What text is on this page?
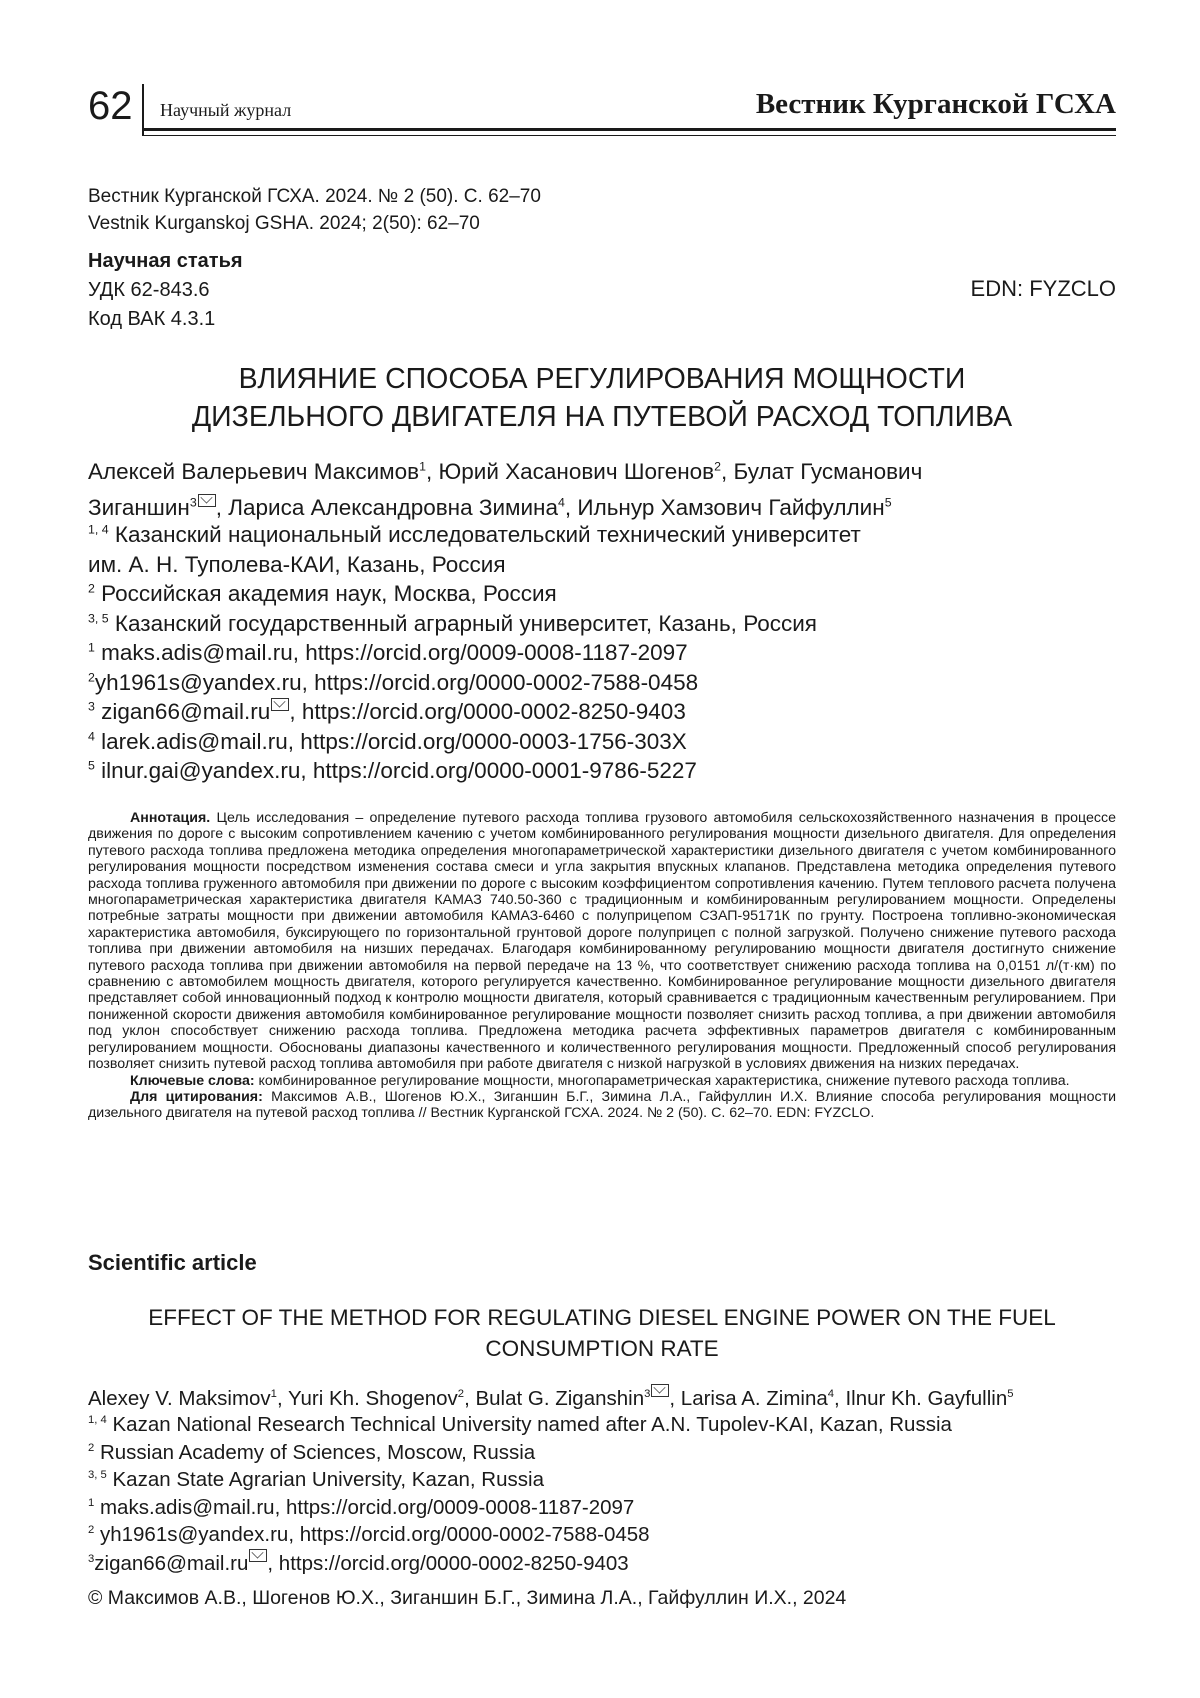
62 Научный журнал	Вестник Курганской ГСХА
Вестник Курганской ГСХА. 2024. № 2 (50). С. 62–70
Vestnik Kurganskoj GSHA. 2024; 2(50): 62–70
Научная статья
УДК 62-843.6
Код ВАК 4.3.1
EDN: FYZCLO
ВЛИЯНИЕ СПОСОБА РЕГУЛИРОВАНИЯ МОЩНОСТИ
ДИЗЕЛЬНОГО ДВИГАТЕЛЯ НА ПУТЕВОЙ РАСХОД ТОПЛИВА
Алексей Валерьевич Максимов$^1$, Юрий Хасанович Шогенов$^2$, Булат Гусманович
Зиганшин$^3$ , Лариса Александровна Зимина$^4$, Ильнур Хамзович Гайфуллин$^5$
$^{1, 4}$ Казанский национальный исследовательский технический университет
им. А. Н. Туполева-КАИ, Казань, Россия
$^2$ Российская академия наук, Москва, Россия
$^{3, 5}$ Казанский государственный аграрный университет, Казань, Россия
$^1$ maks.adis@mail.ru, https://orcid.org/0009-0008-1187-2097
$^2$yh1961s@yandex.ru, https://orcid.org/0000-0002-7588-0458
$^3$ zigan66@mail.ru , https://orcid.org/0000-0002-8250-9403
$^4$ larek.adis@mail.ru, https://orcid.org/0000-0003-1756-303X
$^5$ ilnur.gai@yandex.ru, https://orcid.org/0000-0001-9786-5227

Аннотация. Цель исследования – определение путевого расхода топлива грузового автомобиля сельскохозяйственного назначения в процессе движения по дороге с высоким сопротивлением качению с учетом комбинированного регулирования мощности дизельного двигателя. Для определения путевого расхода топлива предложена методика определения многопараметрической характеристики дизельного двигателя с учетом комбинированного регулирования мощности посредством изменения состава смеси и угла закрытия впускных клапанов. Представлена методика определения путевого расхода топлива груженного автомобиля при движении по дороге с высоким коэффициентом сопротивления качению. Путем теплового расчета получена многопараметрическая характеристика двигателя КАМАЗ 740.50-360 с традиционным и комбинированным регулированием мощности. Определены потребные затраты мощности при движении автомобиля КАМАЗ-6460 с полуприцепом СЗАП-95171К по грунту. Построена топливно-экономическая характеристика автомобиля, буксирующего по горизонтальной грунтовой дороге полуприцеп с полной загрузкой. Получено снижение путевого расхода топлива при движении автомобиля на низших передачах. Благодаря комбинированному регулированию мощности двигателя достигнуто снижение путевого расхода топлива при движении автомобиля на первой передаче на 13 %, что соответствует снижению расхода топлива на 0,0151 л/(т·км) по сравнению с автомобилем мощность двигателя, которого регулируется качественно. Комбинированное регулирование мощности дизельного двигателя представляет собой инновационный подход к контролю мощности двигателя, который сравнивается с традиционным качественным регулированием. При пониженной скорости движения автомобиля комбинированное регулирование мощности позволяет снизить расход топлива, а при движении автомобиля под уклон способствует снижению расхода топлива. Предложена методика расчета эффективных параметров двигателя с комбинированным регулированием мощности. Обоснованы диапазоны качественного и количественного регулирования мощности. Предложенный способ регулирования позволяет снизить путевой расход топлива автомобиля при работе двигателя с низкой нагрузкой в условиях движения на низких передачах.

Ключевые слова: комбинированное регулирование мощности, многопараметрическая характеристика, снижение путевого расхода топлива.

Для цитирования: Максимов А.В., Шогенов Ю.Х., Зиганшин Б.Г., Зимина Л.А., Гайфуллин И.Х. Влияние способа регулирования мощности дизельного двигателя на путевой расход топлива // Вестник Курганской ГСХА. 2024. № 2 (50). С. 62–70. EDN: FYZCLO.

Scientific article
EFFECT OF THE METHOD FOR REGULATING DIESEL ENGINE POWER ON THE FUEL
CONSUMPTION RATE
Alexey V. Maksimov$^1$, Yuri Kh. Shogenov$^2$, Bulat G. Ziganshin$^3$ , Larisa A. Zimina$^4$, Ilnur Kh. Gayfullin$^5$
$^{1, 4}$ Kazan National Research Technical University named after A.N. Tupolev-KAI, Kazan, Russia
$^2$ Russian Academy of Sciences, Moscow, Russia
$^{3, 5}$ Kazan State Agrarian University, Kazan, Russia
$^1$ maks.adis@mail.ru, https://orcid.org/0009-0008-1187-2097
$^2$ yh1961s@yandex.ru, https://orcid.org/0000-0002-7588-0458
$^3$zigan66@mail.ru , https://orcid.org/0000-0002-8250-9403
© Максимов А.В., Шогенов Ю.Х., Зиганшин Б.Г., Зимина Л.А., Гайфуллин И.Х., 2024
